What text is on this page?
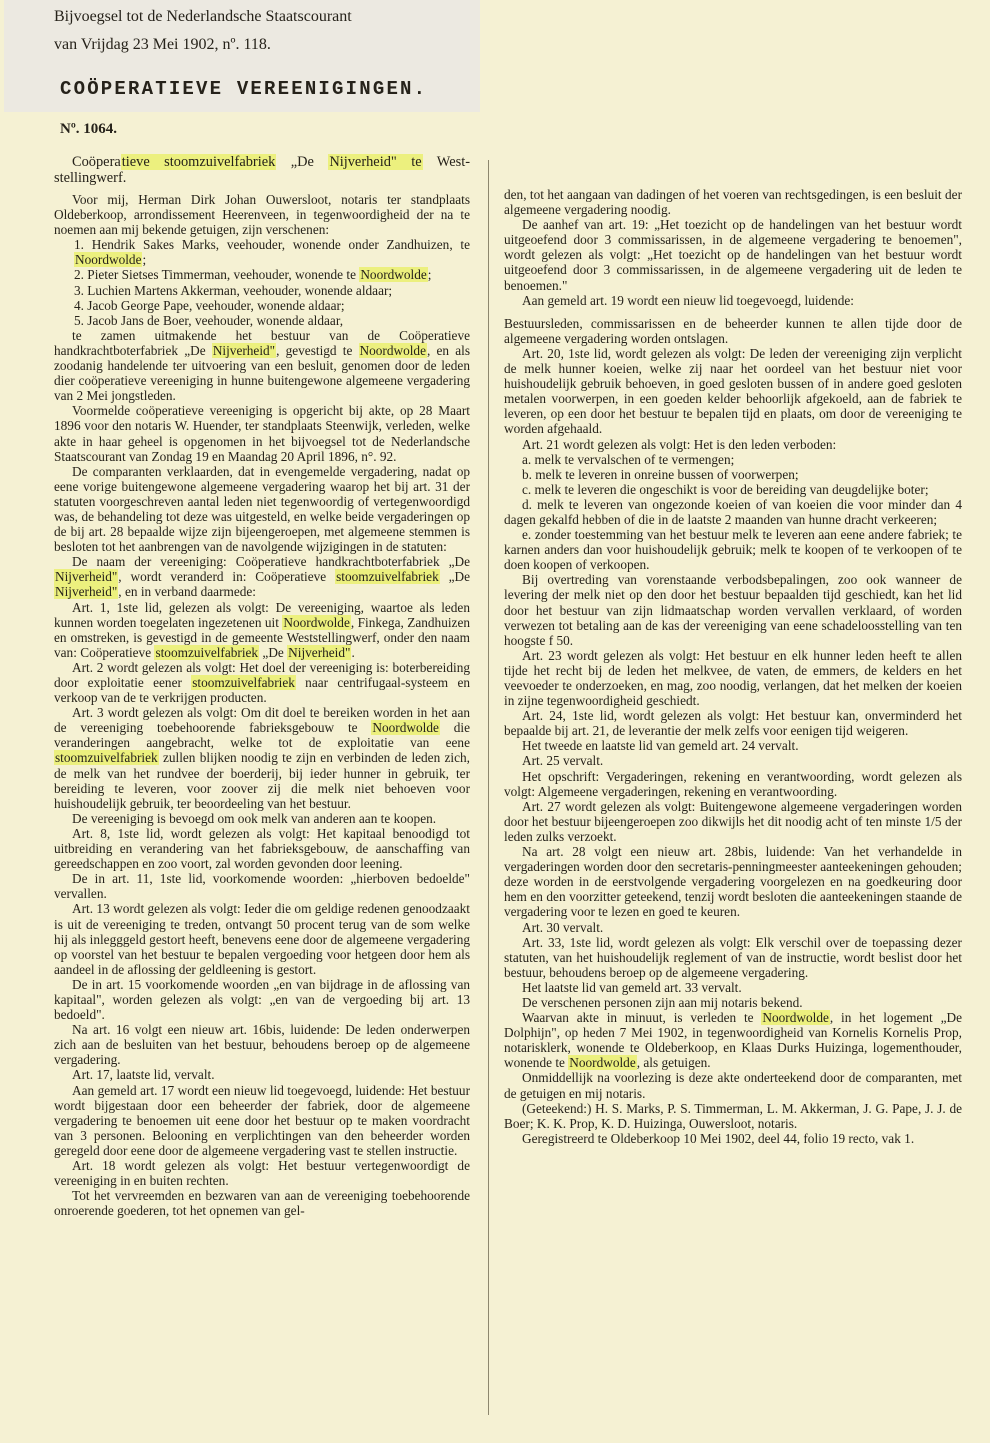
Bijvoegsel tot de Nederlandsche Staatscourant
van Vrijdag 23 Mei 1902, nº. 118.
COÖPERATIEVE VEREENIGINGEN.
Nº. 1064.

Coöperatieve stoomzuivelfabriek „De Nijverheid" te West-stellingwerf.

Voor mij, Herman Dirk Johan Ouwersloot, notaris ter standplaats Oldeberkoop, arrondissement Heerenveen, in tegenwoordigheid der na te noemen aan mij bekende getuigen, zijn verschenen:

1. Hendrik Sakes Marks, veehouder, wonende onder Zandhuizen, te Noordwolde;

2. Pieter Sietses Timmerman, veehouder, wonende te Noordwolde;

3. Luchien Martens Akkerman, veehouder, wonende aldaar;

4. Jacob George Pape, veehouder, wonende aldaar;

5. Jacob Jans de Boer, veehouder, wonende aldaar,

te zamen uitmakende het bestuur van de Coöperatieve handkrachtboterfabriek „De Nijverheid", gevestigd te Noordwolde, en als zoodanig handelende ter uitvoering van een besluit, genomen door de leden dier coöperatieve vereeniging in hunne buitengewone algemeene vergadering van 2 Mei jongstleden.

Voormelde coöperatieve vereeniging is opgericht bij akte, op 28 Maart 1896 voor den notaris W. Huender, ter standplaats Steenwijk, verleden, welke akte in haar geheel is opgenomen in het bijvoegsel tot de Nederlandsche Staatscourant van Zondag 19 en Maandag 20 April 1896, n°. 92.

De comparanten verklaarden, dat in evengemelde vergadering, nadat op eene vorige buitengewone algemeene vergadering waarop het bij art. 31 der statuten voorgeschreven aantal leden niet tegenwoordig of vertegenwoordigd was, de behandeling tot deze was uitgesteld, en welke beide vergaderingen op de bij art. 28 bepaalde wijze zijn bijeengeroepen, met algemeene stemmen is besloten tot het aanbrengen van de navolgende wijzigingen in de statuten:

De naam der vereeniging: Coöperatieve handkrachtboterfabriek „De Nijverheid", wordt veranderd in: Coöperatieve stoomzuivelfabriek „De Nijverheid", en in verband daarmede:

Art. 1, 1ste lid, gelezen als volgt: De vereeniging, waartoe als leden kunnen worden toegelaten ingezetenen uit Noordwolde, Finkega, Zandhuizen en omstreken, is gevestigd in de gemeente Weststellingwerf, onder den naam van: Coöperatieve stoomzuivelfabriek „De Nijverheid".

Art. 2 wordt gelezen als volgt: Het doel der vereeniging is: boterbereiding door exploitatie eener stoomzuivelfabriek naar centrifugaal-systeem en verkoop van de te verkrijgen producten.

Art. 3 wordt gelezen als volgt: Om dit doel te bereiken worden in het aan de vereeniging toebehoorende fabrieksgebouw te Noordwolde die veranderingen aangebracht, welke tot de exploitatie van eene stoomzuivelfabriek zullen blijken noodig te zijn en verbinden de leden zich, de melk van het rundvee der boerderij, bij ieder hunner in gebruik, ter bereiding te leveren, voor zoover zij die melk niet behoeven voor huishoudelijk gebruik, ter beoordeeling van het bestuur.

De vereeniging is bevoegd om ook melk van anderen aan te koopen.

Art. 8, 1ste lid, wordt gelezen als volgt: Het kapitaal benoodigd tot uitbreiding en verandering van het fabrieksgebouw, de aanschaffing van gereedschappen en zoo voort, zal worden gevonden door leening.

De in art. 11, 1ste lid, voorkomende woorden: „hierboven bedoelde" vervallen.

Art. 13 wordt gelezen als volgt: Ieder die om geldige redenen genoodzaakt is uit de vereeniging te treden, ontvangt 50 procent terug van de som welke hij als inlegggeld gestort heeft, benevens eene door de algemeene vergadering op voorstel van het bestuur te bepalen vergoeding voor hetgeen door hem als aandeel in de aflossing der geldleening is gestort.

De in art. 15 voorkomende woorden „en van bijdrage in de aflossing van kapitaal", worden gelezen als volgt: „en van de vergoeding bij art. 13 bedoeld".

Na art. 16 volgt een nieuw art. 16bis, luidende: De leden onderwerpen zich aan de besluiten van het bestuur, behoudens beroep op de algemeene vergadering.

Art. 17, laatste lid, vervalt.

Aan gemeld art. 17 wordt een nieuw lid toegevoegd, luidende: Het bestuur wordt bijgestaan door een beheerder der fabriek, door de algemeene vergadering te benoemen uit eene door het bestuur op te maken voordracht van 3 personen. Belooning en verplichtingen van den beheerder worden geregeld door eene door de algemeene vergadering vast te stellen instructie.

Art. 18 wordt gelezen als volgt: Het bestuur vertegenwoordigt de vereeniging in en buiten rechten.

Tot het vervreemden en bezwaren van aan de vereeniging toebehoorende onroerende goederen, tot het opnemen van gel-

den, tot het aangaan van dadingen of het voeren van rechtsgedingen, is een besluit der algemeene vergadering noodig.

De aanhef van art. 19: „Het toezicht op de handelingen van het bestuur wordt uitgeoefend door 3 commissarissen, in de algemeene vergadering te benoemen", wordt gelezen als volgt: „Het toezicht op de handelingen van het bestuur wordt uitgeoefend door 3 commissarissen, in de algemeene vergadering uit de leden te benoemen."

Aan gemeld art. 19 wordt een nieuw lid toegevoegd, luidende:

Bestuursleden, commissarissen en de beheerder kunnen te allen tijde door de algemeene vergadering worden ontslagen.

Art. 20, 1ste lid, wordt gelezen als volgt: De leden der vereeniging zijn verplicht de melk hunner koeien, welke zij naar het oordeel van het bestuur niet voor huishoudelijk gebruik behoeven, in goed gesloten bussen of in andere goed gesloten metalen voorwerpen, in een goeden kelder behoorlijk afgekoeld, aan de fabriek te leveren, op een door het bestuur te bepalen tijd en plaats, om door de vereeniging te worden afgehaald.

Art. 21 wordt gelezen als volgt: Het is den leden verboden:

a. melk te vervalschen of te vermengen;

b. melk te leveren in onreine bussen of voorwerpen;

c. melk te leveren die ongeschikt is voor de bereiding van deugdelijke boter;

d. melk te leveren van ongezonde koeien of van koeien die voor minder dan 4 dagen gekalfd hebben of die in de laatste 2 maanden van hunne dracht verkeeren;

e. zonder toestemming van het bestuur melk te leveren aan eene andere fabriek; te karnen anders dan voor huishoudelijk gebruik; melk te koopen of te verkoopen of te doen koopen of verkoopen.

Bij overtreding van vorenstaande verbodsbepalingen, zoo ook wanneer de levering der melk niet op den door het bestuur bepaalden tijd geschiedt, kan het lid door het bestuur van zijn lidmaatschap worden vervallen verklaard, of worden verwezen tot betaling aan de kas der vereeniging van eene schadeloosstelling van ten hoogste f 50.

Art. 23 wordt gelezen als volgt: Het bestuur en elk hunner leden heeft te allen tijde het recht bij de leden het melkvee, de vaten, de emmers, de kelders en het veevoeder te onderzoeken, en mag, zoo noodig, verlangen, dat het melken der koeien in zijne tegenwoordigheid geschiedt.

Art. 24, 1ste lid, wordt gelezen als volgt: Het bestuur kan, onverminderd het bepaalde bij art. 21, de leverantie der melk zelfs voor eenigen tijd weigeren.

Het tweede en laatste lid van gemeld art. 24 vervalt.

Art. 25 vervalt.

Het opschrift: Vergaderingen, rekening en verantwoording, wordt gelezen als volgt: Algemeene vergaderingen, rekening en verantwoording.

Art. 27 wordt gelezen als volgt: Buitengewone algemeene vergaderingen worden door het bestuur bijeengeroepen zoo dikwijls het dit noodig acht of ten minste 1/5 der leden zulks verzoekt.

Na art. 28 volgt een nieuw art. 28bis, luidende: Van het verhandelde in vergaderingen worden door den secretaris-penningmeester aanteekeningen gehouden; deze worden in de eerstvolgende vergadering voorgelezen en na goedkeuring door hem en den voorzitter geteekend, tenzij wordt besloten die aanteekeningen staande de vergadering voor te lezen en goed te keuren.

Art. 30 vervalt.

Art. 33, 1ste lid, wordt gelezen als volgt: Elk verschil over de toepassing dezer statuten, van het huishoudelijk reglement of van de instructie, wordt beslist door het bestuur, behoudens beroep op de algemeene vergadering.

Het laatste lid van gemeld art. 33 vervalt.

De verschenen personen zijn aan mij notaris bekend.

Waarvan akte in minuut, is verleden te Noordwolde, in het logement „De Dolphijn", op heden 7 Mei 1902, in tegenwoordigheid van Kornelis Kornelis Prop, notarisklerk, wonende te Oldeberkoop, en Klaas Durks Huizinga, logementhouder, wonende te Noordwolde, als getuigen.

Onmiddellijk na voorlezing is deze akte onderteekend door de comparanten, met de getuigen en mij notaris.

(Geteekend:) H. S. Marks, P. S. Timmerman, L. M. Akkerman, J. G. Pape, J. J. de Boer; K. K. Prop, K. D. Huizinga, Ouwersloot, notaris.

Geregistreerd te Oldeberkoop 10 Mei 1902, deel 44, folio 19 recto, vak 1.
